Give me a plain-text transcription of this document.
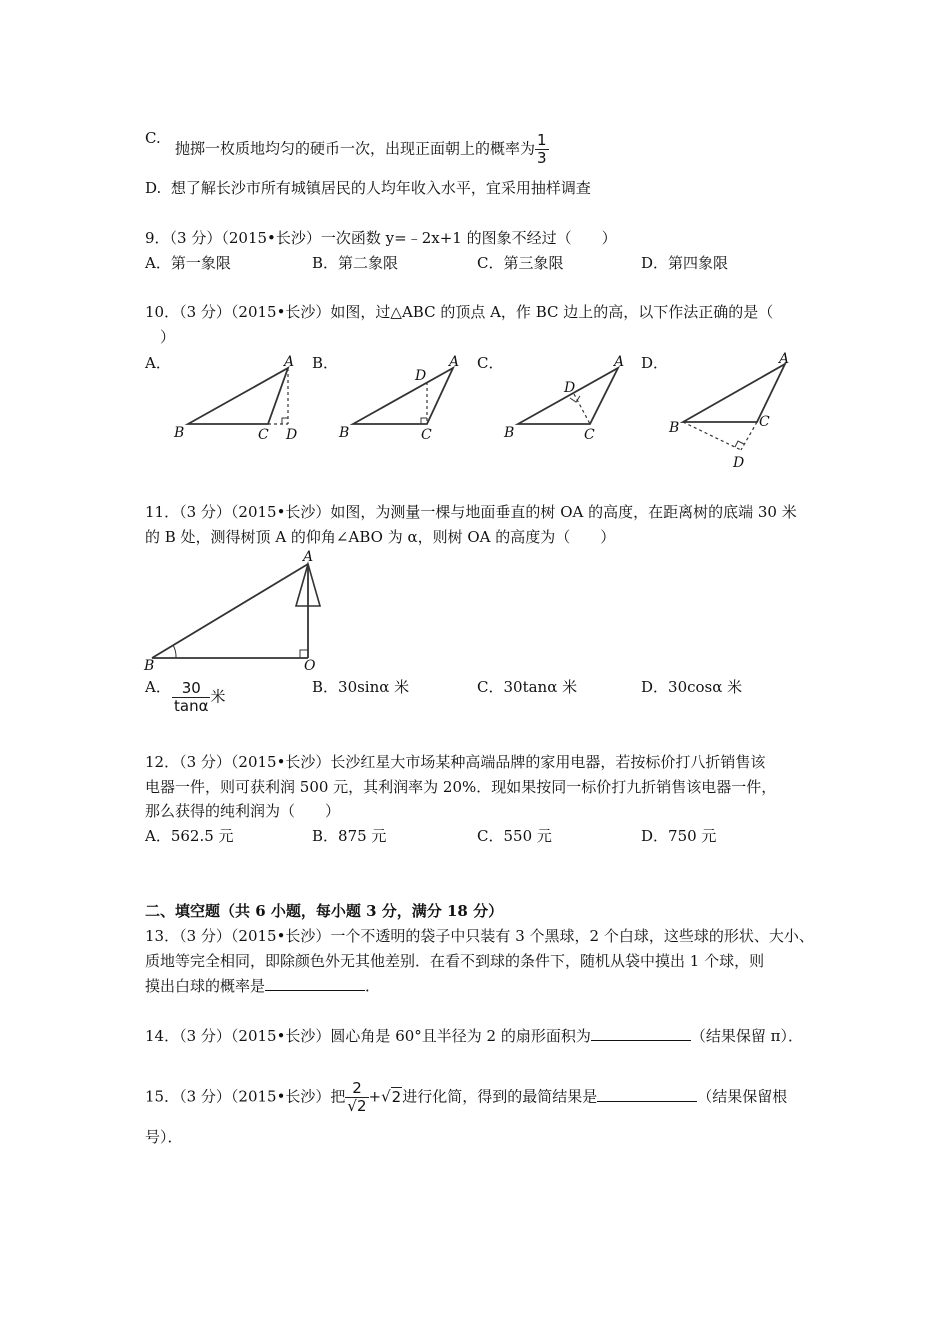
C.
抛掷一枚质地均匀的硬币一次，出现正面朝上的概率为 $\frac{1}{3}$
D. 想了解长沙市所有城镇居民的人均年收入水平，宜采用抽样调查
9．（3 分）（2015•长沙）一次函数 y=﹣2x+1 的图象不经过（　　）
A．第一象限	B．第二象限	C．第三象限	D．第四象限
10．（3 分）（2015•长沙）如图，过△ABC 的顶点 A，作 BC 边上的高，以下作法正确的是（
）
A．	B．	C．	D．
A
B	C D
A
D
B	C
A
D
B	C
A
B	C
D
11．（3 分）（2015•长沙）如图，为测量一棵与地面垂直的树 OA 的高度，在距离树的底端 30 米
的 B 处，测得树顶 A 的仰角∠ABO 为 α，则树 OA 的高度为（　　）
A
B	O
A． $\frac{30}{\tan\alpha}$ 米
B．30sinα 米	C．30tanα 米	D．30cosα 米
12．（3 分）（2015•长沙）长沙红星大市场某种高端品牌的家用电器，若按标价打八折销售该
电器一件，则可获利润 500 元，其利润率为 20%．现如果按同一标价打九折销售该电器一件，
那么获得的纯利润为（　　）
A．562.5 元	B．875 元	C．550 元	D．750 元
二、填空题（共 6 小题，每小题 3 分，满分 18 分）
13．（3 分）（2015•长沙）一个不透明的袋子中只装有 3 个黑球，2 个白球，这些球的形状、大小、
质地等完全相同，即除颜色外无其他差别．在看不到球的条件下，随机从袋中摸出 1 个球，则
摸出白球的概率是	．
14．（3 分）（2015•长沙）圆心角是 60°且半径为 2 的扇形面积为	（结果保留 π）．
15．（3 分）（2015•长沙）把 $\frac{2}{√2} +√2$进行化简，得到的最简结果是	（结果保留根
号）．
